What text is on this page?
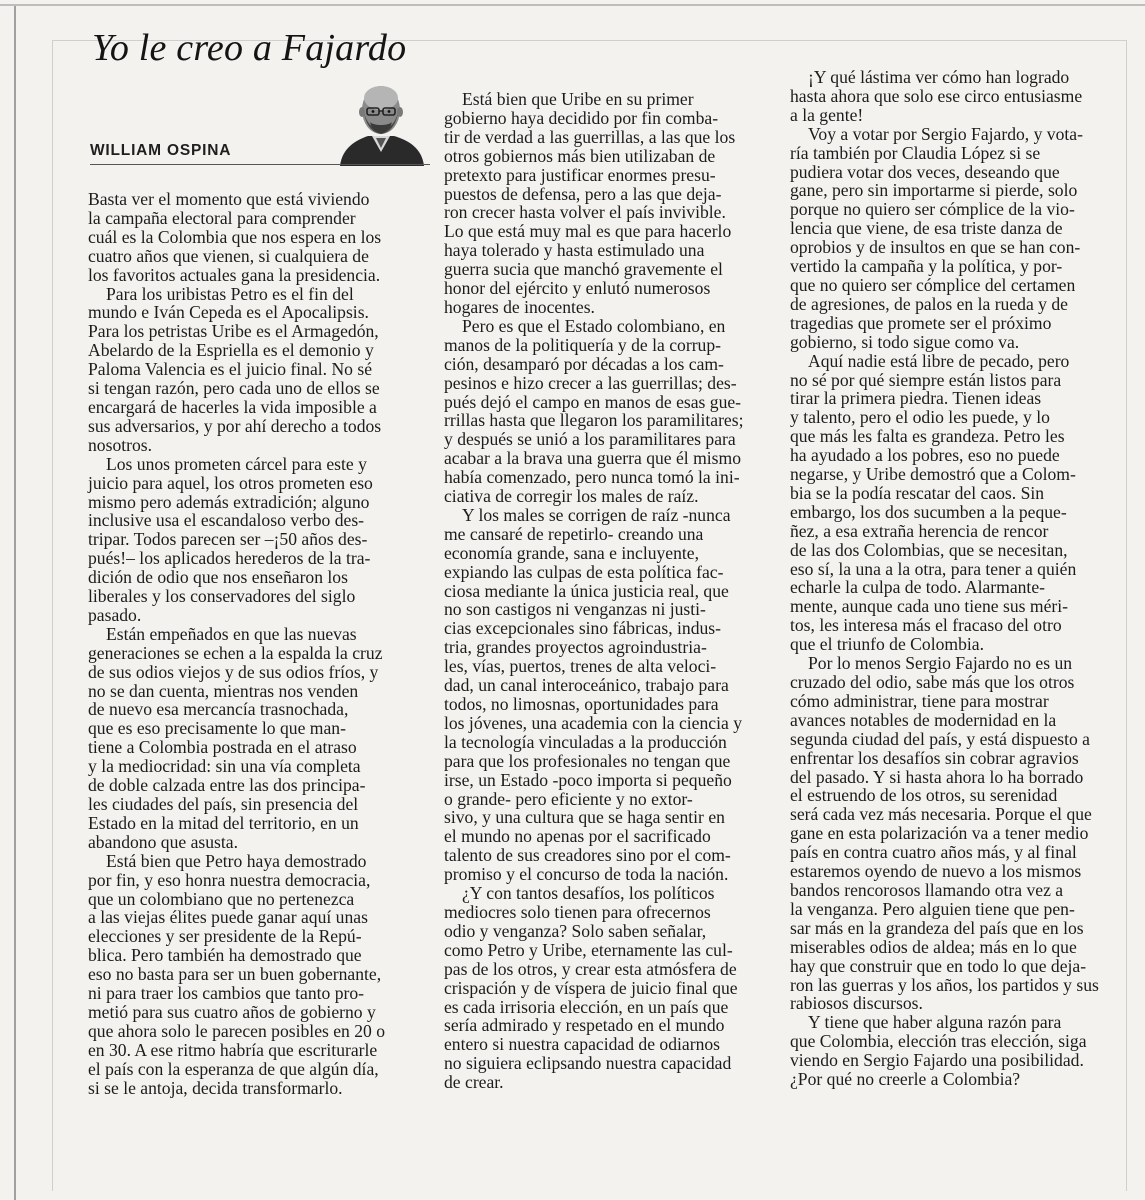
Yo le creo a Fajardo
WILLIAM OSPINA

Basta ver el momento que está viviendo
la campaña electoral para comprender
cuál es la Colombia que nos espera en los
cuatro años que vienen, si cualquiera de
los favoritos actuales gana la presidencia.

Para los uribistas Petro es el fin del
mundo e Iván Cepeda es el Apocalipsis.
Para los petristas Uribe es el Armagedón,
Abelardo de la Espriella es el demonio y
Paloma Valencia es el juicio final. No sé
si tengan razón, pero cada uno de ellos se
encargará de hacerles la vida imposible a
sus adversarios, y por ahí derecho a todos
nosotros.

Los unos prometen cárcel para este y
juicio para aquel, los otros prometen eso
mismo pero además extradición; alguno
inclusive usa el escandaloso verbo des-
tripar. Todos parecen ser –¡50 años des-
pués!– los aplicados herederos de la tra-
dición de odio que nos enseñaron los
liberales y los conservadores del siglo
pasado.

Están empeñados en que las nuevas
generaciones se echen a la espalda la cruz
de sus odios viejos y de sus odios fríos, y
no se dan cuenta, mientras nos venden
de nuevo esa mercancía trasnochada,
que es eso precisamente lo que man-
tiene a Colombia postrada en el atraso
y la mediocridad: sin una vía completa
de doble calzada entre las dos principa-
les ciudades del país, sin presencia del
Estado en la mitad del territorio, en un
abandono que asusta.

Está bien que Petro haya demostrado
por fin, y eso honra nuestra democracia,
que un colombiano que no pertenezca
a las viejas élites puede ganar aquí unas
elecciones y ser presidente de la Repú-
blica. Pero también ha demostrado que
eso no basta para ser un buen gobernante,
ni para traer los cambios que tanto pro-
metió para sus cuatro años de gobierno y
que ahora solo le parecen posibles en 20 o
en 30. A ese ritmo habría que escriturarle
el país con la esperanza de que algún día,
si se le antoja, decida transformarlo.

Está bien que Uribe en su primer
gobierno haya decidido por fin comba-
tir de verdad a las guerrillas, a las que los
otros gobiernos más bien utilizaban de
pretexto para justificar enormes presu-
puestos de defensa, pero a las que deja-
ron crecer hasta volver el país invivible.
Lo que está muy mal es que para hacerlo
haya tolerado y hasta estimulado una
guerra sucia que manchó gravemente el
honor del ejército y enlutó numerosos
hogares de inocentes.

Pero es que el Estado colombiano, en
manos de la politiquería y de la corrup-
ción, desamparó por décadas a los cam-
pesinos e hizo crecer a las guerrillas; des-
pués dejó el campo en manos de esas gue-
rrillas hasta que llegaron los paramilitares;
y después se unió a los paramilitares para
acabar a la brava una guerra que él mismo
había comenzado, pero nunca tomó la ini-
ciativa de corregir los males de raíz.

Y los males se corrigen de raíz -nunca
me cansaré de repetirlo- creando una
economía grande, sana e incluyente,
expiando las culpas de esta política fac-
ciosa mediante la única justicia real, que
no son castigos ni venganzas ni justi-
cias excepcionales sino fábricas, indus-
tria, grandes proyectos agroindustria-
les, vías, puertos, trenes de alta veloci-
dad, un canal interoceánico, trabajo para
todos, no limosnas, oportunidades para
los jóvenes, una academia con la ciencia y
la tecnología vinculadas a la producción
para que los profesionales no tengan que
irse, un Estado -poco importa si pequeño
o grande- pero eficiente y no extor-
sivo, y una cultura que se haga sentir en
el mundo no apenas por el sacrificado
talento de sus creadores sino por el com-
promiso y el concurso de toda la nación.

¿Y con tantos desafíos, los políticos
mediocres solo tienen para ofrecernos
odio y venganza? Solo saben señalar,
como Petro y Uribe, eternamente las cul-
pas de los otros, y crear esta atmósfera de
crispación y de víspera de juicio final que
es cada irrisoria elección, en un país que
sería admirado y respetado en el mundo
entero si nuestra capacidad de odiarnos
no siguiera eclipsando nuestra capacidad
de crear.

¡Y qué lástima ver cómo han logrado
hasta ahora que solo ese circo entusiasme
a la gente!

Voy a votar por Sergio Fajardo, y vota-
ría también por Claudia López si se
pudiera votar dos veces, deseando que
gane, pero sin importarme si pierde, solo
porque no quiero ser cómplice de la vio-
lencia que viene, de esa triste danza de
oprobios y de insultos en que se han con-
vertido la campaña y la política, y por-
que no quiero ser cómplice del certamen
de agresiones, de palos en la rueda y de
tragedias que promete ser el próximo
gobierno, si todo sigue como va.

Aquí nadie está libre de pecado, pero
no sé por qué siempre están listos para
tirar la primera piedra. Tienen ideas
y talento, pero el odio les puede, y lo
que más les falta es grandeza. Petro les
ha ayudado a los pobres, eso no puede
negarse, y Uribe demostró que a Colom-
bia se la podía rescatar del caos. Sin
embargo, los dos sucumben a la peque-
ñez, a esa extraña herencia de rencor
de las dos Colombias, que se necesitan,
eso sí, la una a la otra, para tener a quién
echarle la culpa de todo. Alarmante-
mente, aunque cada uno tiene sus méri-
tos, les interesa más el fracaso del otro
que el triunfo de Colombia.

Por lo menos Sergio Fajardo no es un
cruzado del odio, sabe más que los otros
cómo administrar, tiene para mostrar
avances notables de modernidad en la
segunda ciudad del país, y está dispuesto a
enfrentar los desafíos sin cobrar agravios
del pasado. Y si hasta ahora lo ha borrado
el estruendo de los otros, su serenidad
será cada vez más necesaria. Porque el que
gane en esta polarización va a tener medio
país en contra cuatro años más, y al final
estaremos oyendo de nuevo a los mismos
bandos rencorosos llamando otra vez a
la venganza. Pero alguien tiene que pen-
sar más en la grandeza del país que en los
miserables odios de aldea; más en lo que
hay que construir que en todo lo que deja-
ron las guerras y los años, los partidos y sus
rabiosos discursos.

Y tiene que haber alguna razón para
que Colombia, elección tras elección, siga
viendo en Sergio Fajardo una posibilidad.
¿Por qué no creerle a Colombia?
